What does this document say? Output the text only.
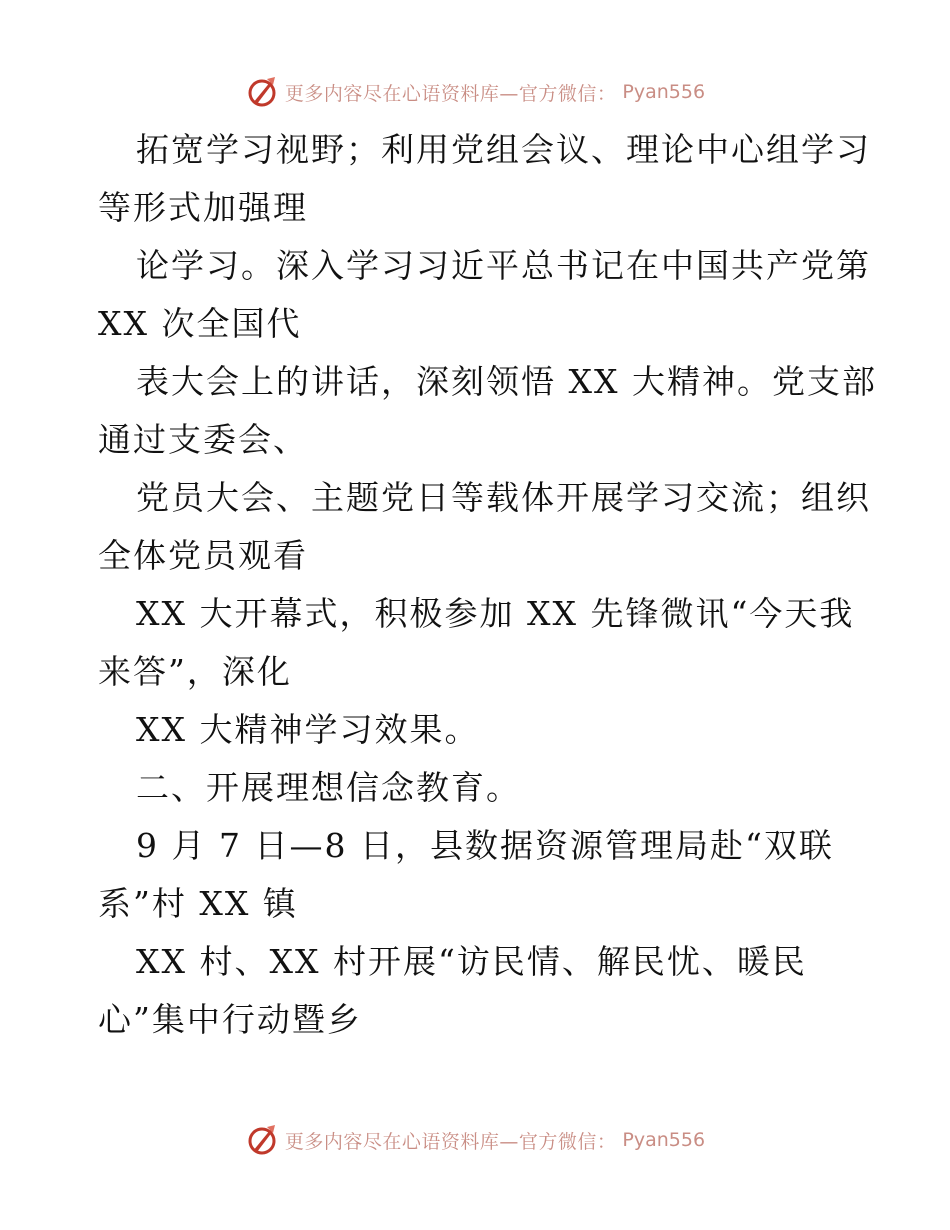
更多内容尽在心语资料库—官方微信： Pyan556
拓宽学习视野；利用党组会议、理论中心组学习
等形式加强理
论学习。深入学习习近平总书记在中国共产党第
XX 次全国代
表大会上的讲话，深刻领悟 XX 大精神。党支部
通过支委会、
党员大会、主题党日等载体开展学习交流；组织
全体党员观看
XX 大开幕式，积极参加 XX 先锋微讯“今天我
来答”，深化
XX 大精神学习效果。
二、开展理想信念教育。
9 月 7 日—8 日，县数据资源管理局赴“双联
系”村 XX 镇
XX 村、XX 村开展“访民情、解民忧、暖民
心”集中行动暨乡
更多内容尽在心语资料库—官方微信： Pyan556
